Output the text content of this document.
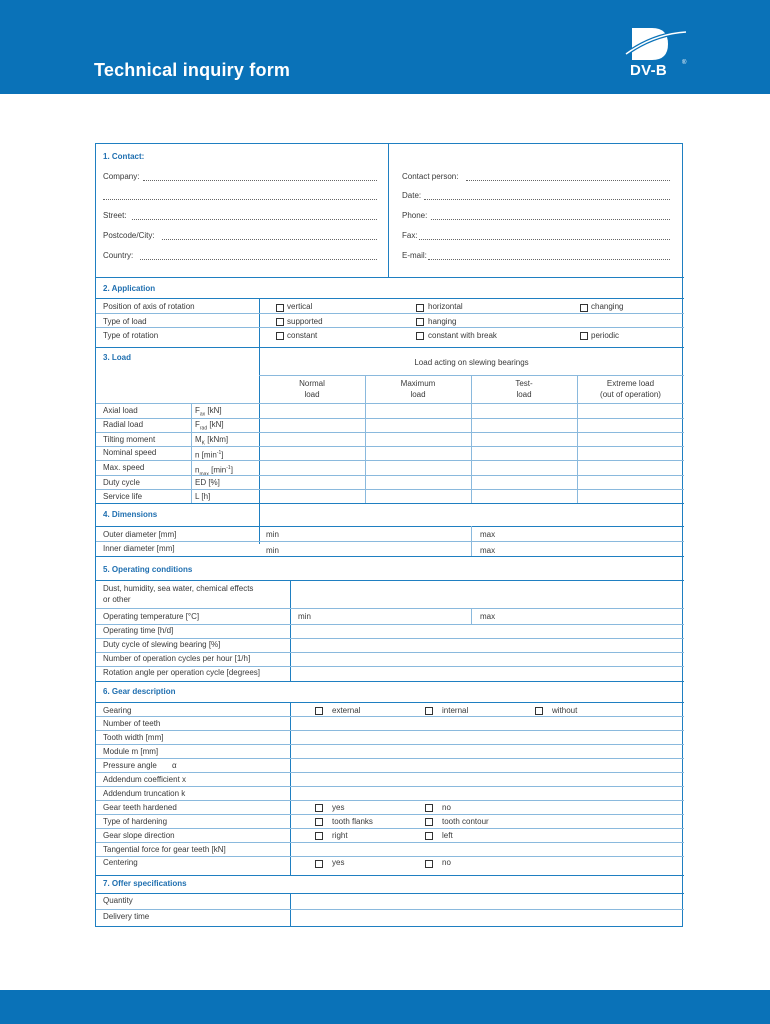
Technical inquiry form	DV-B ®
1. Contact:
Company:
Street:
Postcode/City:
Country:
Contact person:
Date:
Phone:
Fax:
E-mail:
2. Application
Position of axis of rotation	vertical	horizontal	changing
Type of load	supported	hanging
Type of rotation	constant	constant with break	periodic
3. Load
Load acting on slewing bearings
Normal
load
Maximum
load
Test-
load
Extreme load
(out of operation)
Axial load	$F_{ax}$ [kN]
Radial load	$F_{rad}$ [kN]
Tilting moment	$M_K$ [kNm]
Nominal speed	n $[\min^{-1}]$
Max. speed	$n_{max}$ $[\min^{-1}]$
Duty cycle	ED [%]
Service life	L [h]
4. Dimensions
Outer diameter [mm]	min	max
Inner diameter [mm]	min	max
5. Operating conditions
Dust, humidity, sea water, chemical effects
or other
Operating temperature [°C]	min	max
Operating time [h/d]
Duty cycle of slewing bearing [%]
Number of operation cycles per hour [1/h]
Rotation angle per operation cycle [degrees]
6. Gear description
Gearing	external	internal	without
Number of teeth
Tooth width [mm]
Module m [mm]
Pressure angle α
Addendum coefficient x
Addendum truncation k
Gear teeth hardened	yes	no
Type of hardening	tooth flanks	tooth contour
Gear slope direction	right	left
Tangential force for gear teeth [kN]
Centering	yes	no
7. Offer specifications
Quantity
Delivery time
